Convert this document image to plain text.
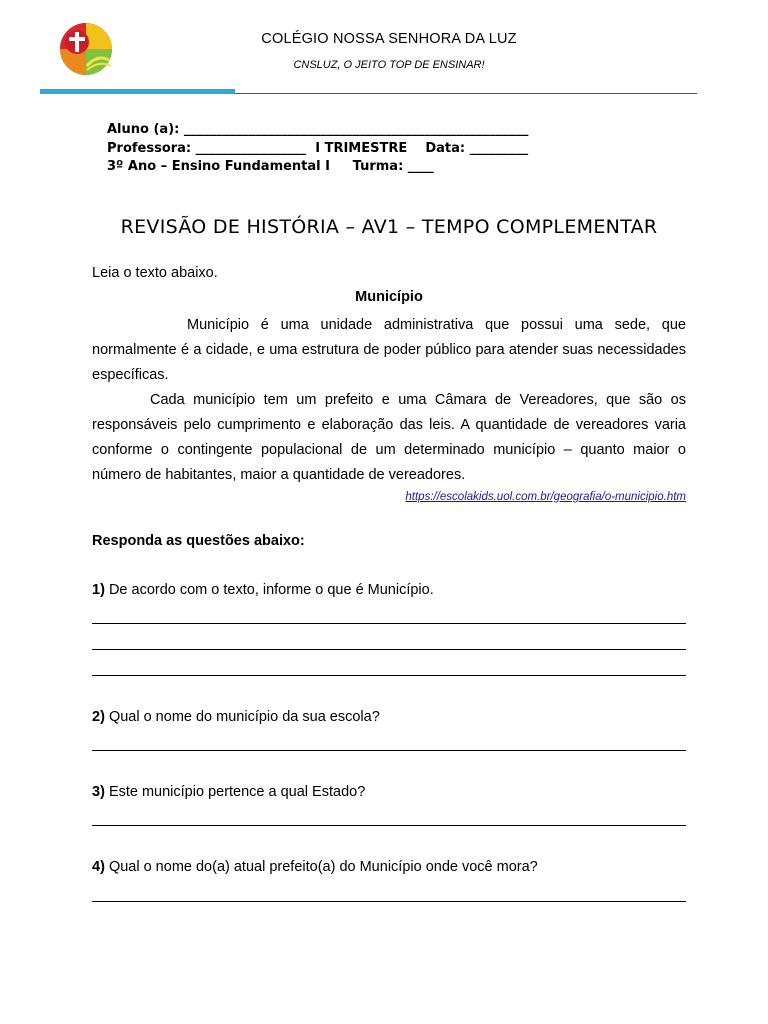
COLÉGIO NOSSA SENHORA DA LUZ
CNSLUZ, O JEITO TOP DE ENSINAR!
Aluno (a): _____________________________________________________
Professora: _________________ I TRIMESTRE Data: _________
3º Ano – Ensino Fundamental I Turma: ____
REVISÃO DE HISTÓRIA – AV1 – TEMPO COMPLEMENTAR
Leia o texto abaixo.
Município

Município é uma unidade administrativa que possui uma sede, que normalmente é a cidade, e uma estrutura de poder público para atender suas necessidades específicas.

Cada município tem um prefeito e uma Câmara de Vereadores, que são os responsáveis pelo cumprimento e elaboração das leis. A quantidade de vereadores varia conforme o contingente populacional de um determinado município – quanto maior o número de habitantes, maior a quantidade de vereadores.

https://escolakids.uol.com.br/geografia/o-municipio.htm
Responda as questões abaixo:
1) De acordo com o texto, informe o que é Município.
2) Qual o nome do município da sua escola?
3) Este município pertence a qual Estado?
4) Qual o nome do(a) atual prefeito(a) do Município onde você mora?
